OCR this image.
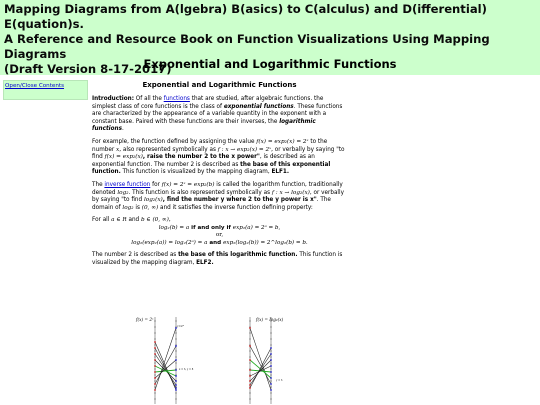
Mapping Diagrams from A(lgebra) B(asics) to C(alculus) and D(ifferential) E(quation)s.
A Reference and Resource Book on Function Visualizations Using Mapping Diagrams
(Draft Version 8-17-2017)
Exponential and Logarithmic Functions
Open/Close Contents	Exponential and Logarithmic Functions
Introduction: Of all the functions that are studied, after algebraic functions. the simplest class of core functions is the class of exponential functions. These functions are characterized by the appearance of a variable quantity in the exponent with a constant base. Paired with these functions are their inverses, the logarithmic functions.
For example, the function defined by assigning the value f(x) = exp₂(x) = 2ˣ to the number x, also represented symbolically as f : x → exp₂(x) = 2ˣ, or verbally by saying "to find f(x) = exp₂(x), raise the number 2 to the x power", is described as an exponential function. The number 2 is described as the base of this exponential function. This function is visualized by the mapping diagram, ELF1.
The inverse function for f(x) = 2ˣ = exp₂(b) is called the logarithm function, traditionally denoted log₂. This function is also represented symbolically as f : x → log₂(x), or verbally by saying "to find log₂(x), find the number y where 2 to the y power is x". The domain of log₂ is (0, ∞) and it satisfies the inverse function defining property:
For all a ∈ R and b ∈ (0, ∞),
log₂(b) = a if and only if exp₂(a) = 2ᵃ = b,
or,
log₂(exp₂(a)) = log₂(2ᵃ) = a and exp₂(log₂(b)) = 2^log₂(b) = b.
The number 2 is described as the base of this logarithmic function. This function is visualized by the mapping diagram, ELF2.
f(x) = 2ˣ
y=2ˣ
x = 3, y = 8
f(x) = log₂(x)
y = 3
